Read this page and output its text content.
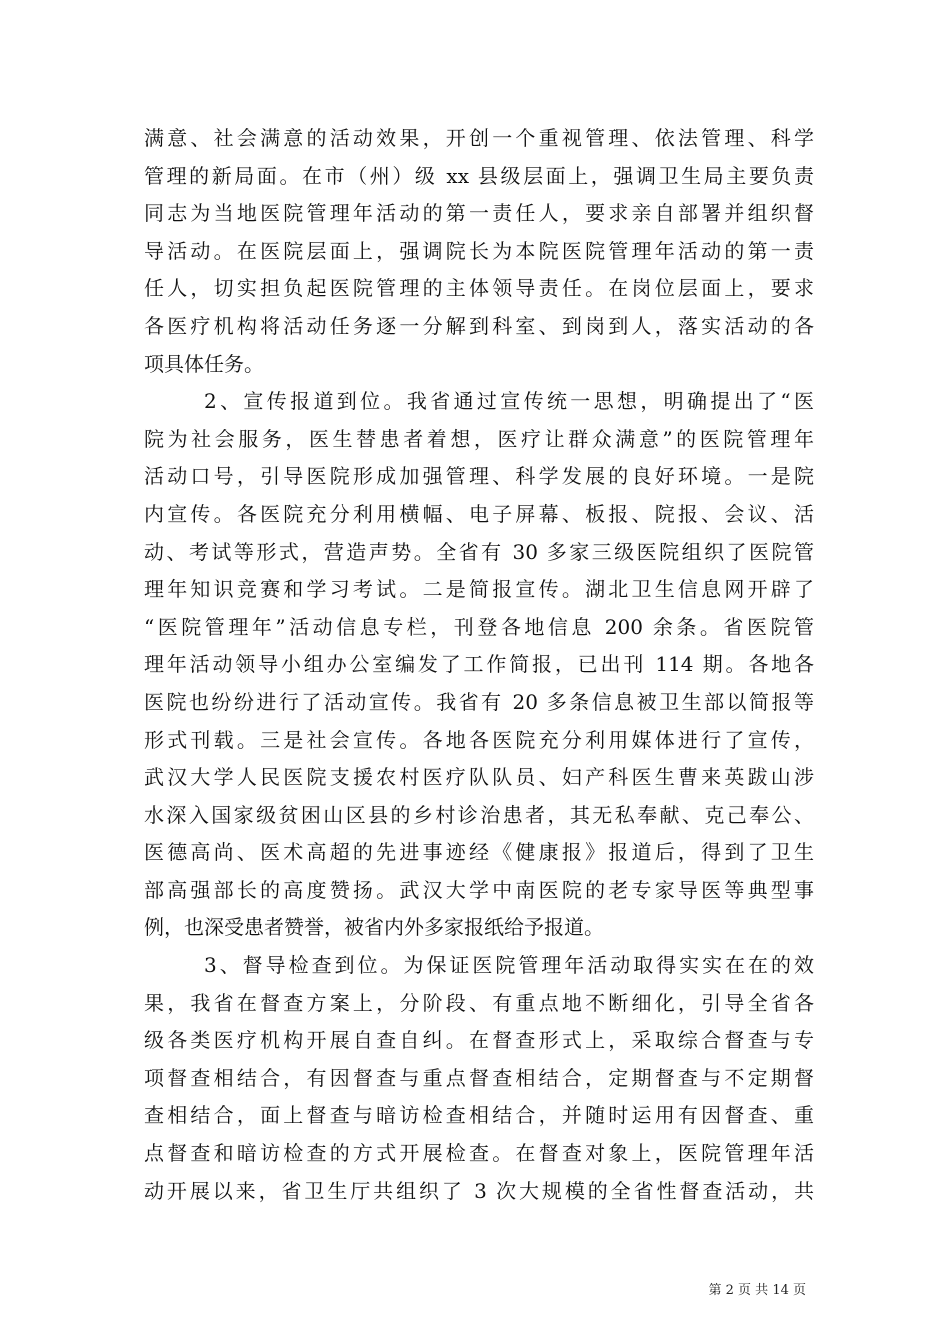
满意、社会满意的活动效果，开创一个重视管理、依法管理、科学
管理的新局面。在市（州）级 xx 县级层面上，强调卫生局主要负责
同志为当地医院管理年活动的第一责任人，要求亲自部署并组织督
导活动。在医院层面上，强调院长为本院医院管理年活动的第一责
任人，切实担负起医院管理的主体领导责任。在岗位层面上，要求
各医疗机构将活动任务逐一分解到科室、到岗到人，落实活动的各
项具体任务。
2、宣传报道到位。我省通过宣传统一思想，明确提出了“医
院为社会服务，医生替患者着想，医疗让群众满意”的医院管理年
活动口号，引导医院形成加强管理、科学发展的良好环境。一是院
内宣传。各医院充分利用横幅、电子屏幕、板报、院报、会议、活
动、考试等形式，营造声势。全省有 30 多家三级医院组织了医院管
理年知识竞赛和学习考试。二是简报宣传。湖北卫生信息网开辟了
“医院管理年”活动信息专栏，刊登各地信息 200 余条。省医院管
理年活动领导小组办公室编发了工作简报，已出刊 114 期。各地各
医院也纷纷进行了活动宣传。我省有 20 多条信息被卫生部以简报等
形式刊载。三是社会宣传。各地各医院充分利用媒体进行了宣传，
武汉大学人民医院支援农村医疗队队员、妇产科医生曹来英跋山涉
水深入国家级贫困山区县的乡村诊治患者，其无私奉献、克己奉公、
医德高尚、医术高超的先进事迹经《健康报》报道后，得到了卫生
部高强部长的高度赞扬。武汉大学中南医院的老专家导医等典型事
例，也深受患者赞誉，被省内外多家报纸给予报道。
3、督导检查到位。为保证医院管理年活动取得实实在在的效
果，我省在督查方案上，分阶段、有重点地不断细化，引导全省各
级各类医疗机构开展自查自纠。在督查形式上，采取综合督查与专
项督查相结合，有因督查与重点督查相结合，定期督查与不定期督
查相结合，面上督查与暗访检查相结合，并随时运用有因督查、重
点督查和暗访检查的方式开展检查。在督查对象上，医院管理年活
动开展以来，省卫生厅共组织了 3 次大规模的全省性督查活动，共
第 2 页 共 14 页
